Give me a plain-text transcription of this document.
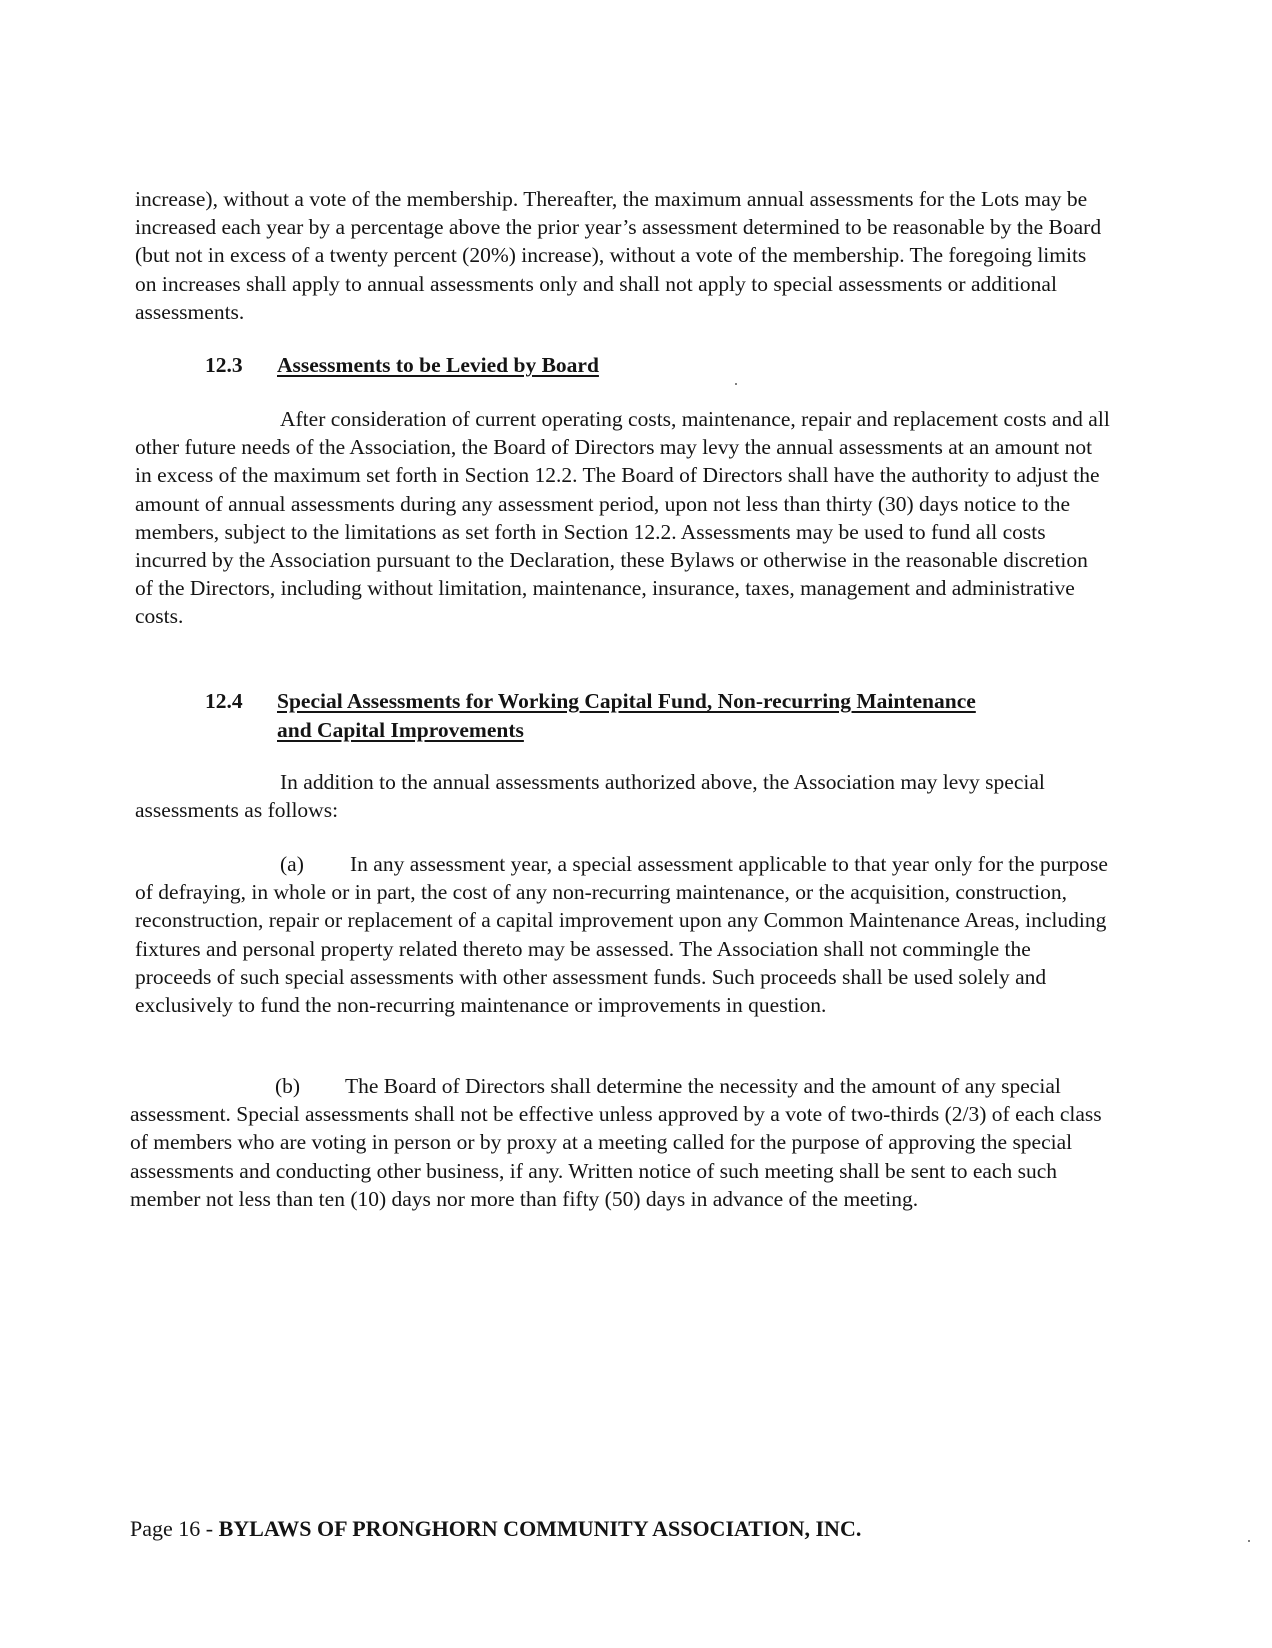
increase), without a vote of the membership. Thereafter, the maximum annual assessments for the Lots may be increased each year by a percentage above the prior year’s assessment determined to be reasonable by the Board (but not in excess of a twenty percent (20%) increase), without a vote of the membership. The foregoing limits on increases shall apply to annual assessments only and shall not apply to special assessments or additional assessments.

12.3 Assessments to be Levied by Board

After consideration of current operating costs, maintenance, repair and replacement costs and all other future needs of the Association, the Board of Directors may levy the annual assessments at an amount not in excess of the maximum set forth in Section 12.2. The Board of Directors shall have the authority to adjust the amount of annual assessments during any assessment period, upon not less than thirty (30) days notice to the members, subject to the limitations as set forth in Section 12.2. Assessments may be used to fund all costs incurred by the Association pursuant to the Declaration, these Bylaws or otherwise in the reasonable discretion of the Directors, including without limitation, maintenance, insurance, taxes, management and administrative costs.

12.4 Special Assessments for Working Capital Fund, Non-recurring Maintenance
and Capital Improvements

In addition to the annual assessments authorized above, the Association may levy special assessments as follows:

(a) In any assessment year, a special assessment applicable to that year only for the purpose of defraying, in whole or in part, the cost of any non-recurring maintenance, or the acquisition, construction, reconstruction, repair or replacement of a capital improvement upon any Common Maintenance Areas, including fixtures and personal property related thereto may be assessed. The Association shall not commingle the proceeds of such special assessments with other assessment funds. Such proceeds shall be used solely and exclusively to fund the non-recurring maintenance or improvements in question.

(b) The Board of Directors shall determine the necessity and the amount of any special assessment. Special assessments shall not be effective unless approved by a vote of two-thirds (2/3) of each class of members who are voting in person or by proxy at a meeting called for the purpose of approving the special assessments and conducting other business, if any. Written notice of such meeting shall be sent to each such member not less than ten (10) days nor more than fifty (50) days in advance of the meeting.

Page 16 - BYLAWS OF PRONGHORN COMMUNITY ASSOCIATION, INC.
